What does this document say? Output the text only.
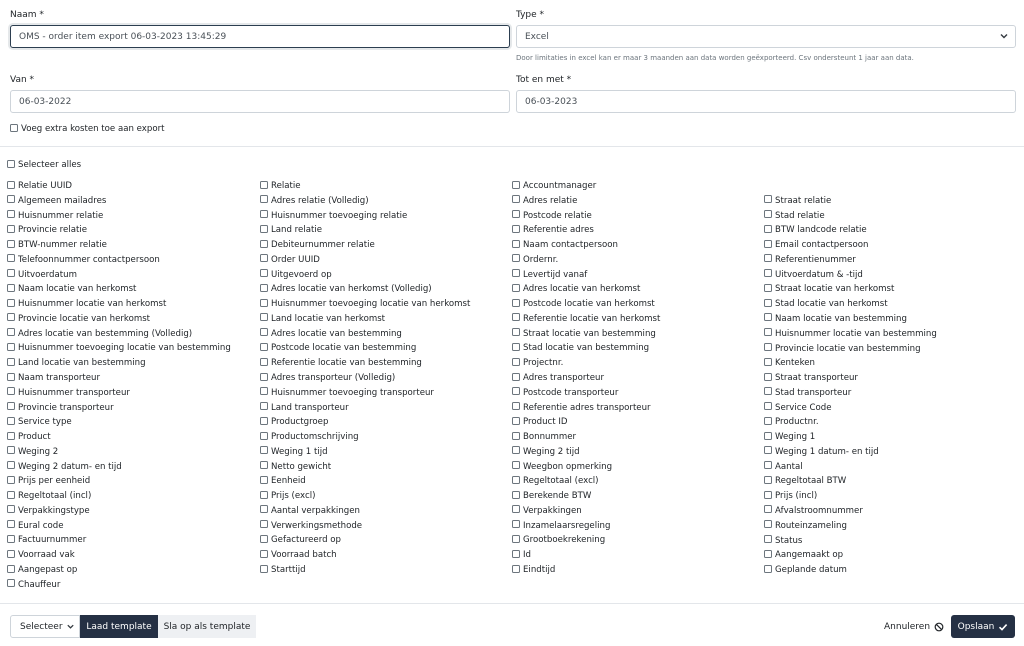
Naam *
OMS - order item export 06-03-2023 13:45:29
Type *
Excel
Door limitaties in excel kan er maar 3 maanden aan data worden geëxporteerd. Csv ondersteunt 1 jaar aan data.
Van *
06-03-2022
Tot en met *
06-03-2023
Voeg extra kosten toe aan export
Selecteer alles
Relatie UUID
Algemeen mailadres
Huisnummer relatie
Provincie relatie
BTW-nummer relatie
Telefoonnummer contactpersoon
Uitvoerdatum
Naam locatie van herkomst
Huisnummer locatie van herkomst
Provincie locatie van herkomst
Adres locatie van bestemming (Volledig)
Huisnummer toevoeging locatie van bestemming
Land locatie van bestemming
Naam transporteur
Huisnummer transporteur
Provincie transporteur
Service type
Product
Weging 2
Weging 2 datum- en tijd
Prijs per eenheid
Regeltotaal (incl)
Verpakkingstype
Eural code
Factuurnummer
Voorraad vak
Aangepast op
Chauffeur
Relatie
Adres relatie (Volledig)
Huisnummer toevoeging relatie
Land relatie
Debiteurnummer relatie
Order UUID
Uitgevoerd op
Adres locatie van herkomst (Volledig)
Huisnummer toevoeging locatie van herkomst
Land locatie van herkomst
Adres locatie van bestemming
Postcode locatie van bestemming
Referentie locatie van bestemming
Adres transporteur (Volledig)
Huisnummer toevoeging transporteur
Land transporteur
Productgroep
Productomschrijving
Weging 1 tijd
Netto gewicht
Eenheid
Prijs (excl)
Aantal verpakkingen
Verwerkingsmethode
Gefactureerd op
Voorraad batch
Starttijd
Accountmanager
Adres relatie
Postcode relatie
Referentie adres
Naam contactpersoon
Ordernr.
Levertijd vanaf
Adres locatie van herkomst
Postcode locatie van herkomst
Referentie locatie van herkomst
Straat locatie van bestemming
Stad locatie van bestemming
Projectnr.
Adres transporteur
Postcode transporteur
Referentie adres transporteur
Product ID
Bonnummer
Weging 2 tijd
Weegbon opmerking
Regeltotaal (excl)
Berekende BTW
Verpakkingen
Inzamelaarsregeling
Grootboekrekening
Id
Eindtijd
Straat relatie
Stad relatie
BTW landcode relatie
Email contactpersoon
Referentienummer
Uitvoerdatum & -tijd
Straat locatie van herkomst
Stad locatie van herkomst
Naam locatie van bestemming
Huisnummer locatie van bestemming
Provincie locatie van bestemming
Kenteken
Straat transporteur
Stad transporteur
Service Code
Productnr.
Weging 1
Weging 1 datum- en tijd
Aantal
Regeltotaal BTW
Prijs (incl)
Afvalstroomnummer
Routeinzameling
Status
Aangemaakt op
Geplande datum
Selecteer	Laad template	Sla op als template	Annuleren	Opslaan
